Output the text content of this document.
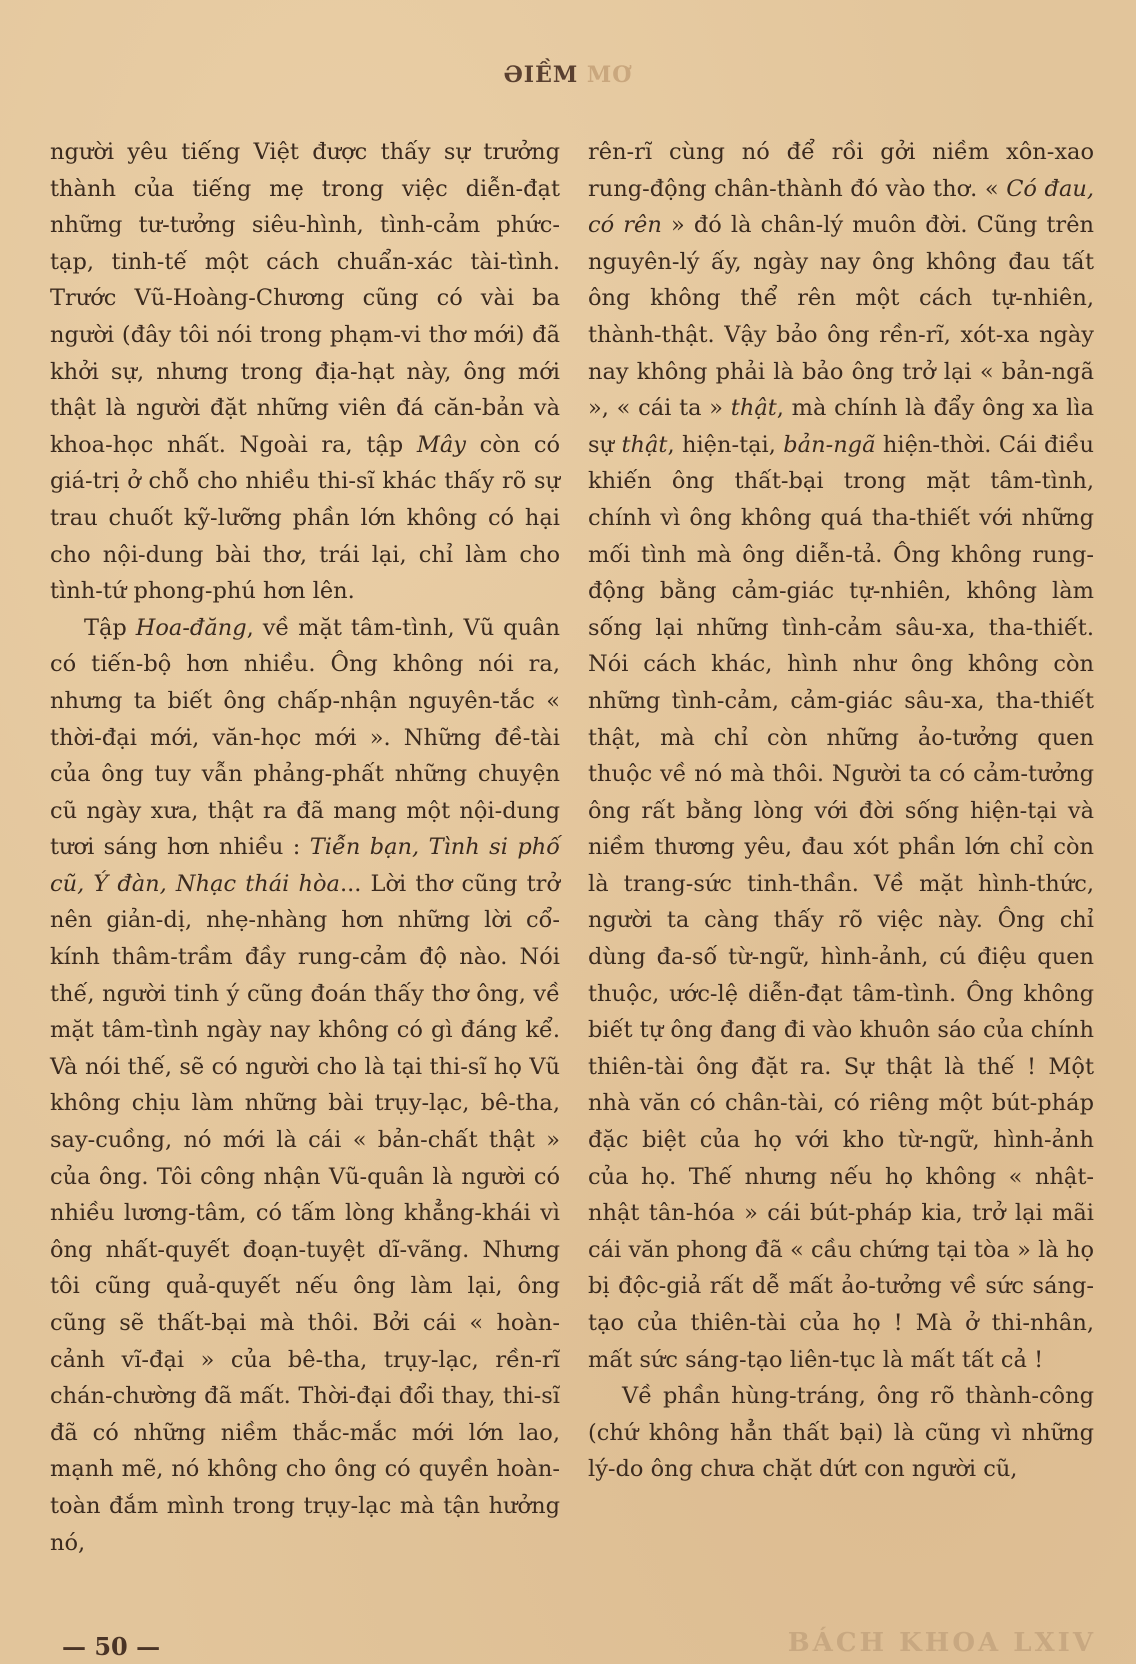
ƏIỀM MƠ

người yêu tiếng Việt được thấy sự trưởng thành của tiếng mẹ trong việc diễn-đạt những tư-tưởng siêu-hình, tình-cảm phức-tạp, tinh-tế một cách chuẩn-xác tài-tình. Trước Vũ-Hoàng-Chương cũng có vài ba người (đây tôi nói trong phạm-vi thơ mới) đã khởi sự, nhưng trong địa-hạt này, ông mới thật là người đặt những viên đá căn-bản và khoa-học nhất. Ngoài ra, tập Mây còn có giá-trị ở chỗ cho nhiều thi-sĩ khác thấy rõ sự trau chuốt kỹ-lưỡng phần lớn không có hại cho nội-dung bài thơ, trái lại, chỉ làm cho tình-tứ phong-phú hơn lên.

Tập Hoa-đăng, về mặt tâm-tình, Vũ quân có tiến-bộ hơn nhiều. Ông không nói ra, nhưng ta biết ông chấp-nhận nguyên-tắc « thời-đại mới, văn-học mới ». Những đề-tài của ông tuy vẫn phảng-phất những chuyện cũ ngày xưa, thật ra đã mang một nội-dung tươi sáng hơn nhiều : Tiễn bạn, Tình si phố cũ, Ý đàn, Nhạc thái hòa... Lời thơ cũng trở nên giản-dị, nhẹ-nhàng hơn những lời cổ-kính thâm-trầm đầy rung-cảm độ nào. Nói thế, người tinh ý cũng đoán thấy thơ ông, về mặt tâm-tình ngày nay không có gì đáng kể. Và nói thế, sẽ có người cho là tại thi-sĩ họ Vũ không chịu làm những bài trụy-lạc, bê-tha, say-cuồng, nó mới là cái « bản-chất thật » của ông. Tôi công nhận Vũ-quân là người có nhiều lương-tâm, có tấm lòng khẳng-khái vì ông nhất-quyết đoạn-tuyệt dĩ-vãng. Nhưng tôi cũng quả-quyết nếu ông làm lại, ông cũng sẽ thất-bại mà thôi. Bởi cái « hoàn-cảnh vĩ-đại » của bê-tha, trụy-lạc, rền-rĩ chán-chường đã mất. Thời-đại đổi thay, thi-sĩ đã có những niềm thắc-mắc mới lớn lao, mạnh mẽ, nó không cho ông có quyền hoàn-toàn đắm mình trong trụy-lạc mà tận hưởng nó,

rên-rĩ cùng nó để rồi gởi niềm xôn-xao rung-động chân-thành đó vào thơ. « Có đau, có rên » đó là chân-lý muôn đời. Cũng trên nguyên-lý ấy, ngày nay ông không đau tất ông không thể rên một cách tự-nhiên, thành-thật. Vậy bảo ông rền-rĩ, xót-xa ngày nay không phải là bảo ông trở lại « bản-ngã », « cái ta » thật, mà chính là đẩy ông xa lìa sự thật, hiện-tại, bản-ngã hiện-thời. Cái điều khiến ông thất-bại trong mặt tâm-tình, chính vì ông không quá tha-thiết với những mối tình mà ông diễn-tả. Ông không rung-động bằng cảm-giác tự-nhiên, không làm sống lại những tình-cảm sâu-xa, tha-thiết. Nói cách khác, hình như ông không còn những tình-cảm, cảm-giác sâu-xa, tha-thiết thật, mà chỉ còn những ảo-tưởng quen thuộc về nó mà thôi. Người ta có cảm-tưởng ông rất bằng lòng với đời sống hiện-tại và niềm thương yêu, đau xót phần lớn chỉ còn là trang-sức tinh-thần. Về mặt hình-thức, người ta càng thấy rõ việc này. Ông chỉ dùng đa-số từ-ngữ, hình-ảnh, cú điệu quen thuộc, ước-lệ diễn-đạt tâm-tình. Ông không biết tự ông đang đi vào khuôn sáo của chính thiên-tài ông đặt ra. Sự thật là thế ! Một nhà văn có chân-tài, có riêng một bút-pháp đặc biệt của họ với kho từ-ngữ, hình-ảnh của họ. Thế nhưng nếu họ không « nhật-nhật tân-hóa » cái bút-pháp kia, trở lại mãi cái văn phong đã « cầu chứng tại tòa » là họ bị độc-giả rất dễ mất ảo-tưởng về sức sáng-tạo của thiên-tài của họ ! Mà ở thi-nhân, mất sức sáng-tạo liên-tục là mất tất cả !

Về phần hùng-tráng, ông rõ thành-công (chứ không hẳn thất bại) là cũng vì những lý-do ông chưa chặt dứt con người cũ,

— 50 —	BÁCH KHOA LXIV
